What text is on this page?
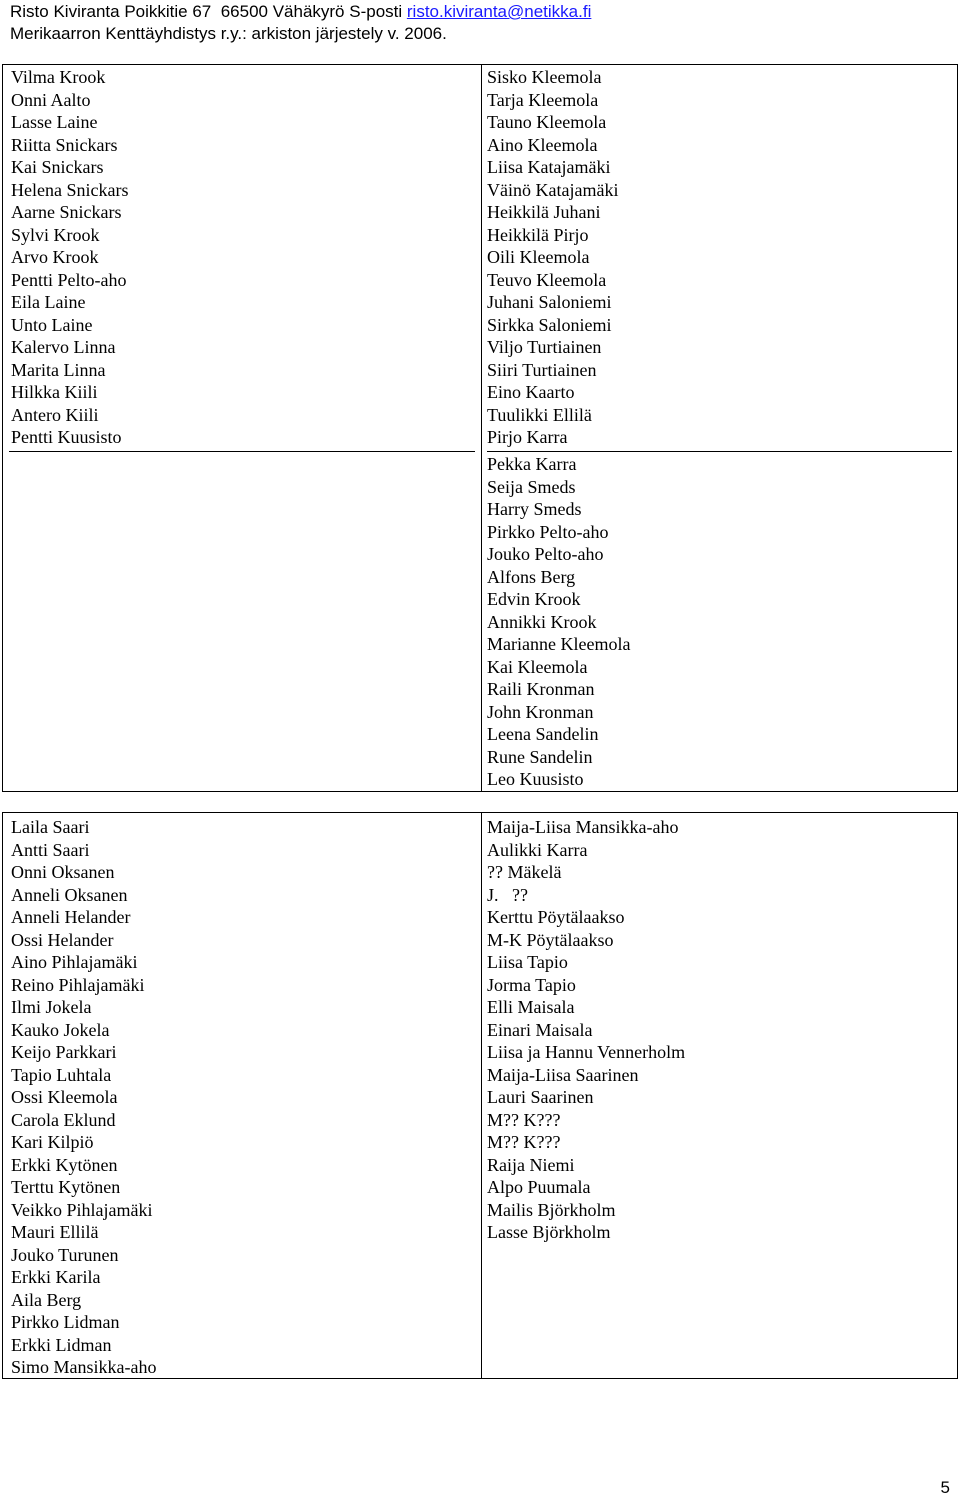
Risto Kiviranta Poikkitie 67  66500 Vähäkyrö S-posti risto.kiviranta@netikka.fi
Merikaarron Kenttäyhdistys r.y.: arkiston järjestely v. 2006.
Vilma Krook
Onni Aalto
Lasse Laine
Riitta Snickars
Kai Snickars
Helena Snickars
Aarne Snickars
Sylvi Krook
Arvo Krook
Pentti Pelto-aho
Eila Laine
Unto Laine
Kalervo Linna
Marita Linna
Hilkka Kiili
Antero Kiili
Pentti Kuusisto
Sisko Kleemola
Tarja Kleemola
Tauno Kleemola
Aino Kleemola
Liisa Katajamäki
Väinö Katajamäki
Heikkilä Juhani
Heikkilä Pirjo
Oili Kleemola
Teuvo Kleemola
Juhani Saloniemi
Sirkka Saloniemi
Viljo Turtiainen
Siiri Turtiainen
Eino Kaarto
Tuulikki Ellilä
Pirjo Karra
Pekka Karra
Seija Smeds
Harry Smeds
Pirkko Pelto-aho
Jouko Pelto-aho
Alfons Berg
Edvin Krook
Annikki Krook
Marianne Kleemola
Kai Kleemola
Raili Kronman
John Kronman
Leena Sandelin
Rune Sandelin
Leo Kuusisto
Laila Saari
Antti Saari
Onni Oksanen
Anneli Oksanen
Anneli Helander
Ossi Helander
Aino Pihlajamäki
Reino Pihlajamäki
Ilmi Jokela
Kauko Jokela
Keijo Parkkari
Tapio Luhtala
Ossi Kleemola
Carola Eklund
Kari Kilpiö
Erkki Kytönen
Terttu Kytönen
Veikko Pihlajamäki
Mauri Ellilä
Jouko Turunen
Erkki Karila
Aila Berg
Pirkko Lidman
Erkki Lidman
Simo Mansikka-aho
Maija-Liisa Mansikka-aho
Aulikki Karra
?? Mäkelä
J.   ??
Kerttu Pöytälaakso
M-K Pöytälaakso
Liisa Tapio
Jorma Tapio
Elli Maisala
Einari Maisala
Liisa ja Hannu Vennerholm
Maija-Liisa Saarinen
Lauri Saarinen
M?? K???
M?? K???
Raija Niemi
Alpo Puumala
Mailis Björkholm
Lasse Björkholm
5
